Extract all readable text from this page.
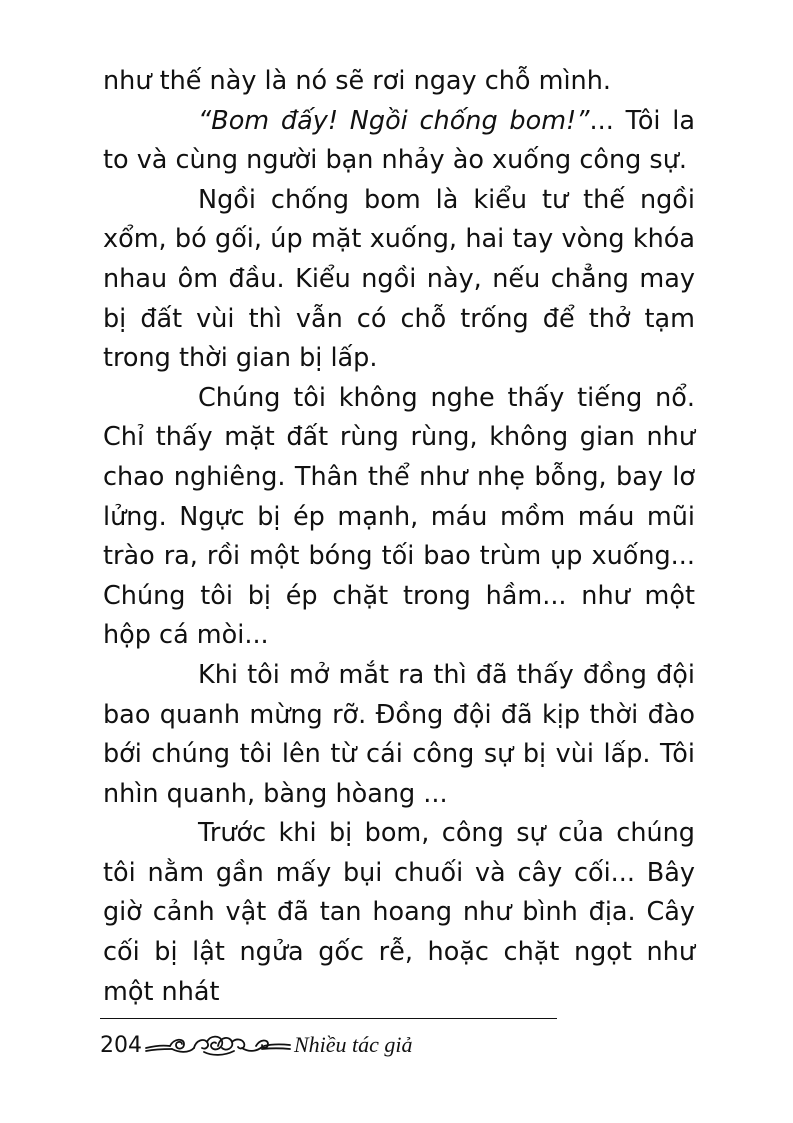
như thế này là nó sẽ rơi ngay chỗ mình.

“Bom đấy! Ngồi chống bom!”... Tôi la to và cùng người bạn nhảy ào xuống công sự.

Ngồi chống bom là kiểu tư thế ngồi xổm, bó gối, úp mặt xuống, hai tay vòng khóa nhau ôm đầu. Kiểu ngồi này, nếu chẳng may bị đất vùi thì vẫn có chỗ trống để thở tạm trong thời gian bị lấp.

Chúng tôi không nghe thấy tiếng nổ. Chỉ thấy mặt đất rùng rùng, không gian như chao nghiêng. Thân thể như nhẹ bỗng, bay lơ lửng. Ngực bị ép mạnh, máu mồm máu mũi trào ra, rồi một bóng tối bao trùm ụp xuống... Chúng tôi bị ép chặt trong hầm... như một hộp cá mòi...

Khi tôi mở mắt ra thì đã thấy đồng đội bao quanh mừng rỡ. Đồng đội đã kịp thời đào bới chúng tôi lên từ cái công sự bị vùi lấp. Tôi nhìn quanh, bàng hòang ...

Trước khi bị bom, công sự của chúng tôi nằm gần mấy bụi chuối và cây cối... Bây giờ cảnh vật đã tan hoang như bình địa. Cây cối bị lật ngửa gốc rễ, hoặc chặt ngọt như một nhát

204	Nhiều tác giả
